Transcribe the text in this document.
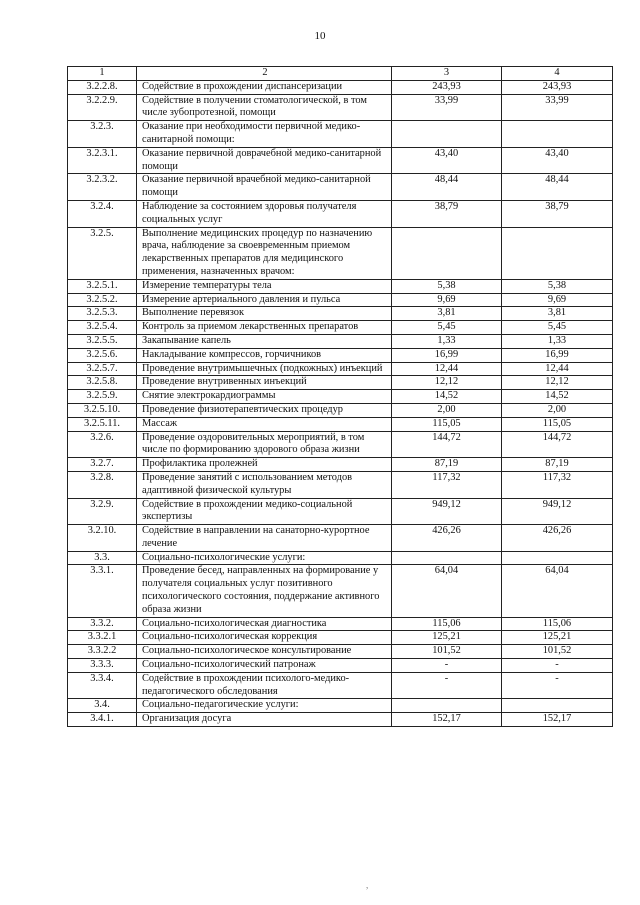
10
1	2	3	4
3.2.2.8.	Содействие в прохождении диспансеризации	243,93	243,93
3.2.2.9.	Содействие в получении стоматологической, в том числе зубопротезной, помощи	33,99	33,99
3.2.3.	Оказание при необходимости первичной медико-санитарной помощи:		
3.2.3.1.	Оказание первичной доврачебной медико-санитарной помощи	43,40	43,40
3.2.3.2.	Оказание первичной врачебной медико-санитарной помощи	48,44	48,44
3.2.4.	Наблюдение за состоянием здоровья получателя социальных услуг	38,79	38,79
3.2.5.	Выполнение медицинских процедур по назначению врача, наблюдение за своевременным приемом лекарственных препаратов для медицинского применения, назначенных врачом:		
3.2.5.1.	Измерение температуры тела	5,38	5,38
3.2.5.2.	Измерение артериального давления и пульса	9,69	9,69
3.2.5.3.	Выполнение перевязок	3,81	3,81
3.2.5.4.	Контроль за приемом лекарственных препаратов	5,45	5,45
3.2.5.5.	Закапывание капель	1,33	1,33
3.2.5.6.	Накладывание компрессов, горчичников	16,99	16,99
3.2.5.7.	Проведение внутримышечных (подкожных) инъекций	12,44	12,44
3.2.5.8.	Проведение внутривенных инъекций	12,12	12,12
3.2.5.9.	Снятие электрокардиограммы	14,52	14,52
3.2.5.10.	Проведение физиотерапевтических процедур	2,00	2,00
3.2.5.11.	Массаж	115,05	115,05
3.2.6.	Проведение оздоровительных мероприятий, в том числе по формированию здорового образа жизни	144,72	144,72
3.2.7.	Профилактика пролежней	87,19	87,19
3.2.8.	Проведение занятий с использованием методов адаптивной физической культуры	117,32	117,32
3.2.9.	Содействие в прохождении медико-социальной экспертизы	949,12	949,12
3.2.10.	Содействие в направлении на санаторно-курортное лечение	426,26	426,26
3.3.	Социально-психологические услуги:		
3.3.1.	Проведение бесед, направленных на формирование у получателя социальных услуг позитивного психологического состояния, поддержание активного образа жизни	64,04	64,04
3.3.2.	Социально-психологическая диагностика	115,06	115,06
3.3.2.1	Социально-психологическая коррекция	125,21	125,21
3.3.2.2	Социально-психологическое консультирование	101,52	101,52
3.3.3.	Социально-психологический патронаж	-	-
3.3.4.	Содействие в прохождении психолого-медико-педагогического обследования	-	-
3.4.	Социально-педагогические услуги:		
3.4.1.	Организация досуга	152,17	152,17
,
